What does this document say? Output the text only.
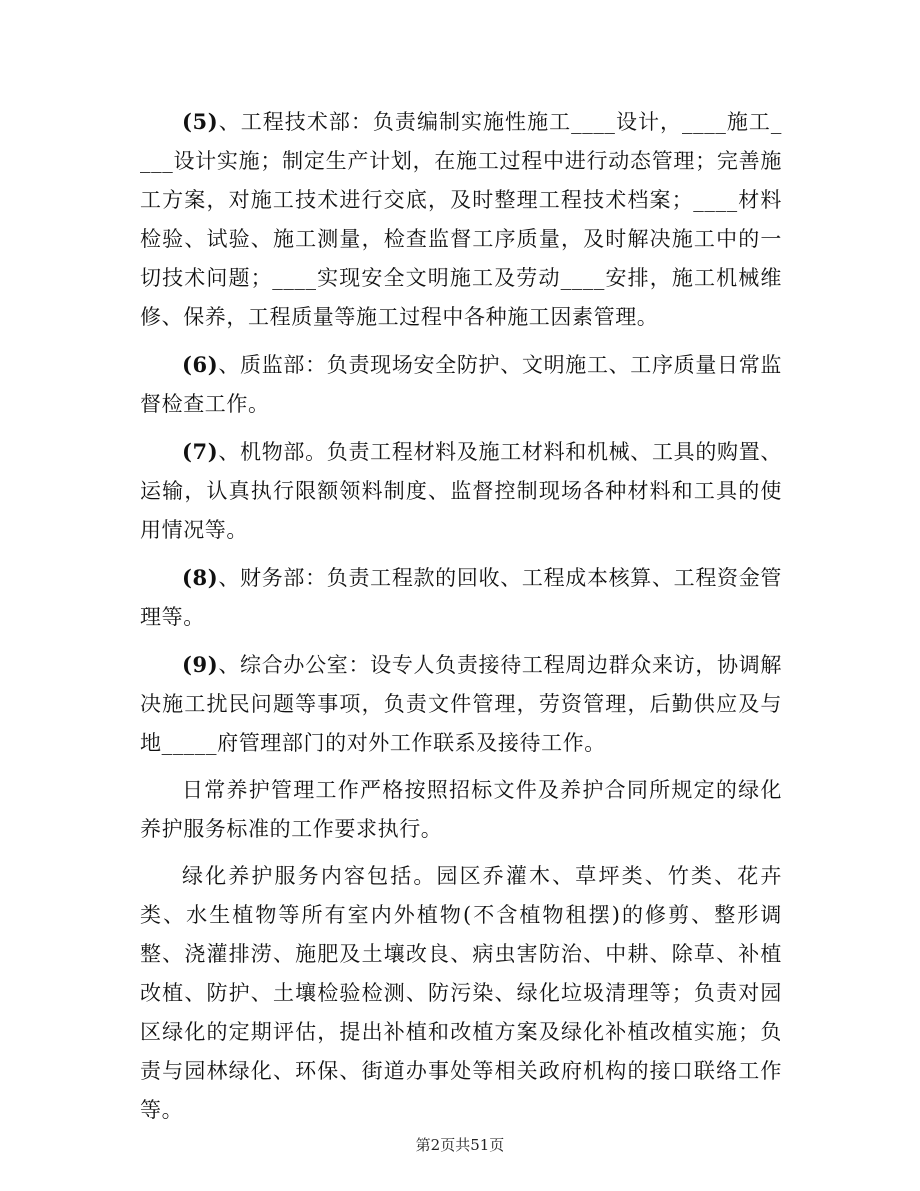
(5)、工程技术部：负责编制实施性施工____设计，____施工____设计实施；制定生产计划，在施工过程中进行动态管理；完善施工方案，对施工技术进行交底，及时整理工程技术档案；____材料检验、试验、施工测量，检查监督工序质量，及时解决施工中的一切技术问题；____实现安全文明施工及劳动____安排，施工机械维修、保养，工程质量等施工过程中各种施工因素管理。

(6)、质监部：负责现场安全防护、文明施工、工序质量日常监督检查工作。

(7)、机物部。负责工程材料及施工材料和机械、工具的购置、运输，认真执行限额领料制度、监督控制现场各种材料和工具的使用情况等。

(8)、财务部：负责工程款的回收、工程成本核算、工程资金管理等。

(9)、综合办公室：设专人负责接待工程周边群众来访，协调解决施工扰民问题等事项，负责文件管理，劳资管理，后勤供应及与地_____府管理部门的对外工作联系及接待工作。

日常养护管理工作严格按照招标文件及养护合同所规定的绿化养护服务标准的工作要求执行。

绿化养护服务内容包括。园区乔灌木、草坪类、竹类、花卉类、水生植物等所有室内外植物(不含植物租摆)的修剪、整形调整、浇灌排涝、施肥及土壤改良、病虫害防治、中耕、除草、补植改植、防护、土壤检验检测、防污染、绿化垃圾清理等；负责对园区绿化的定期评估，提出补植和改植方案及绿化补植改植实施；负责与园林绿化、环保、街道办事处等相关政府机构的接口联络工作等。

第2页共51页
